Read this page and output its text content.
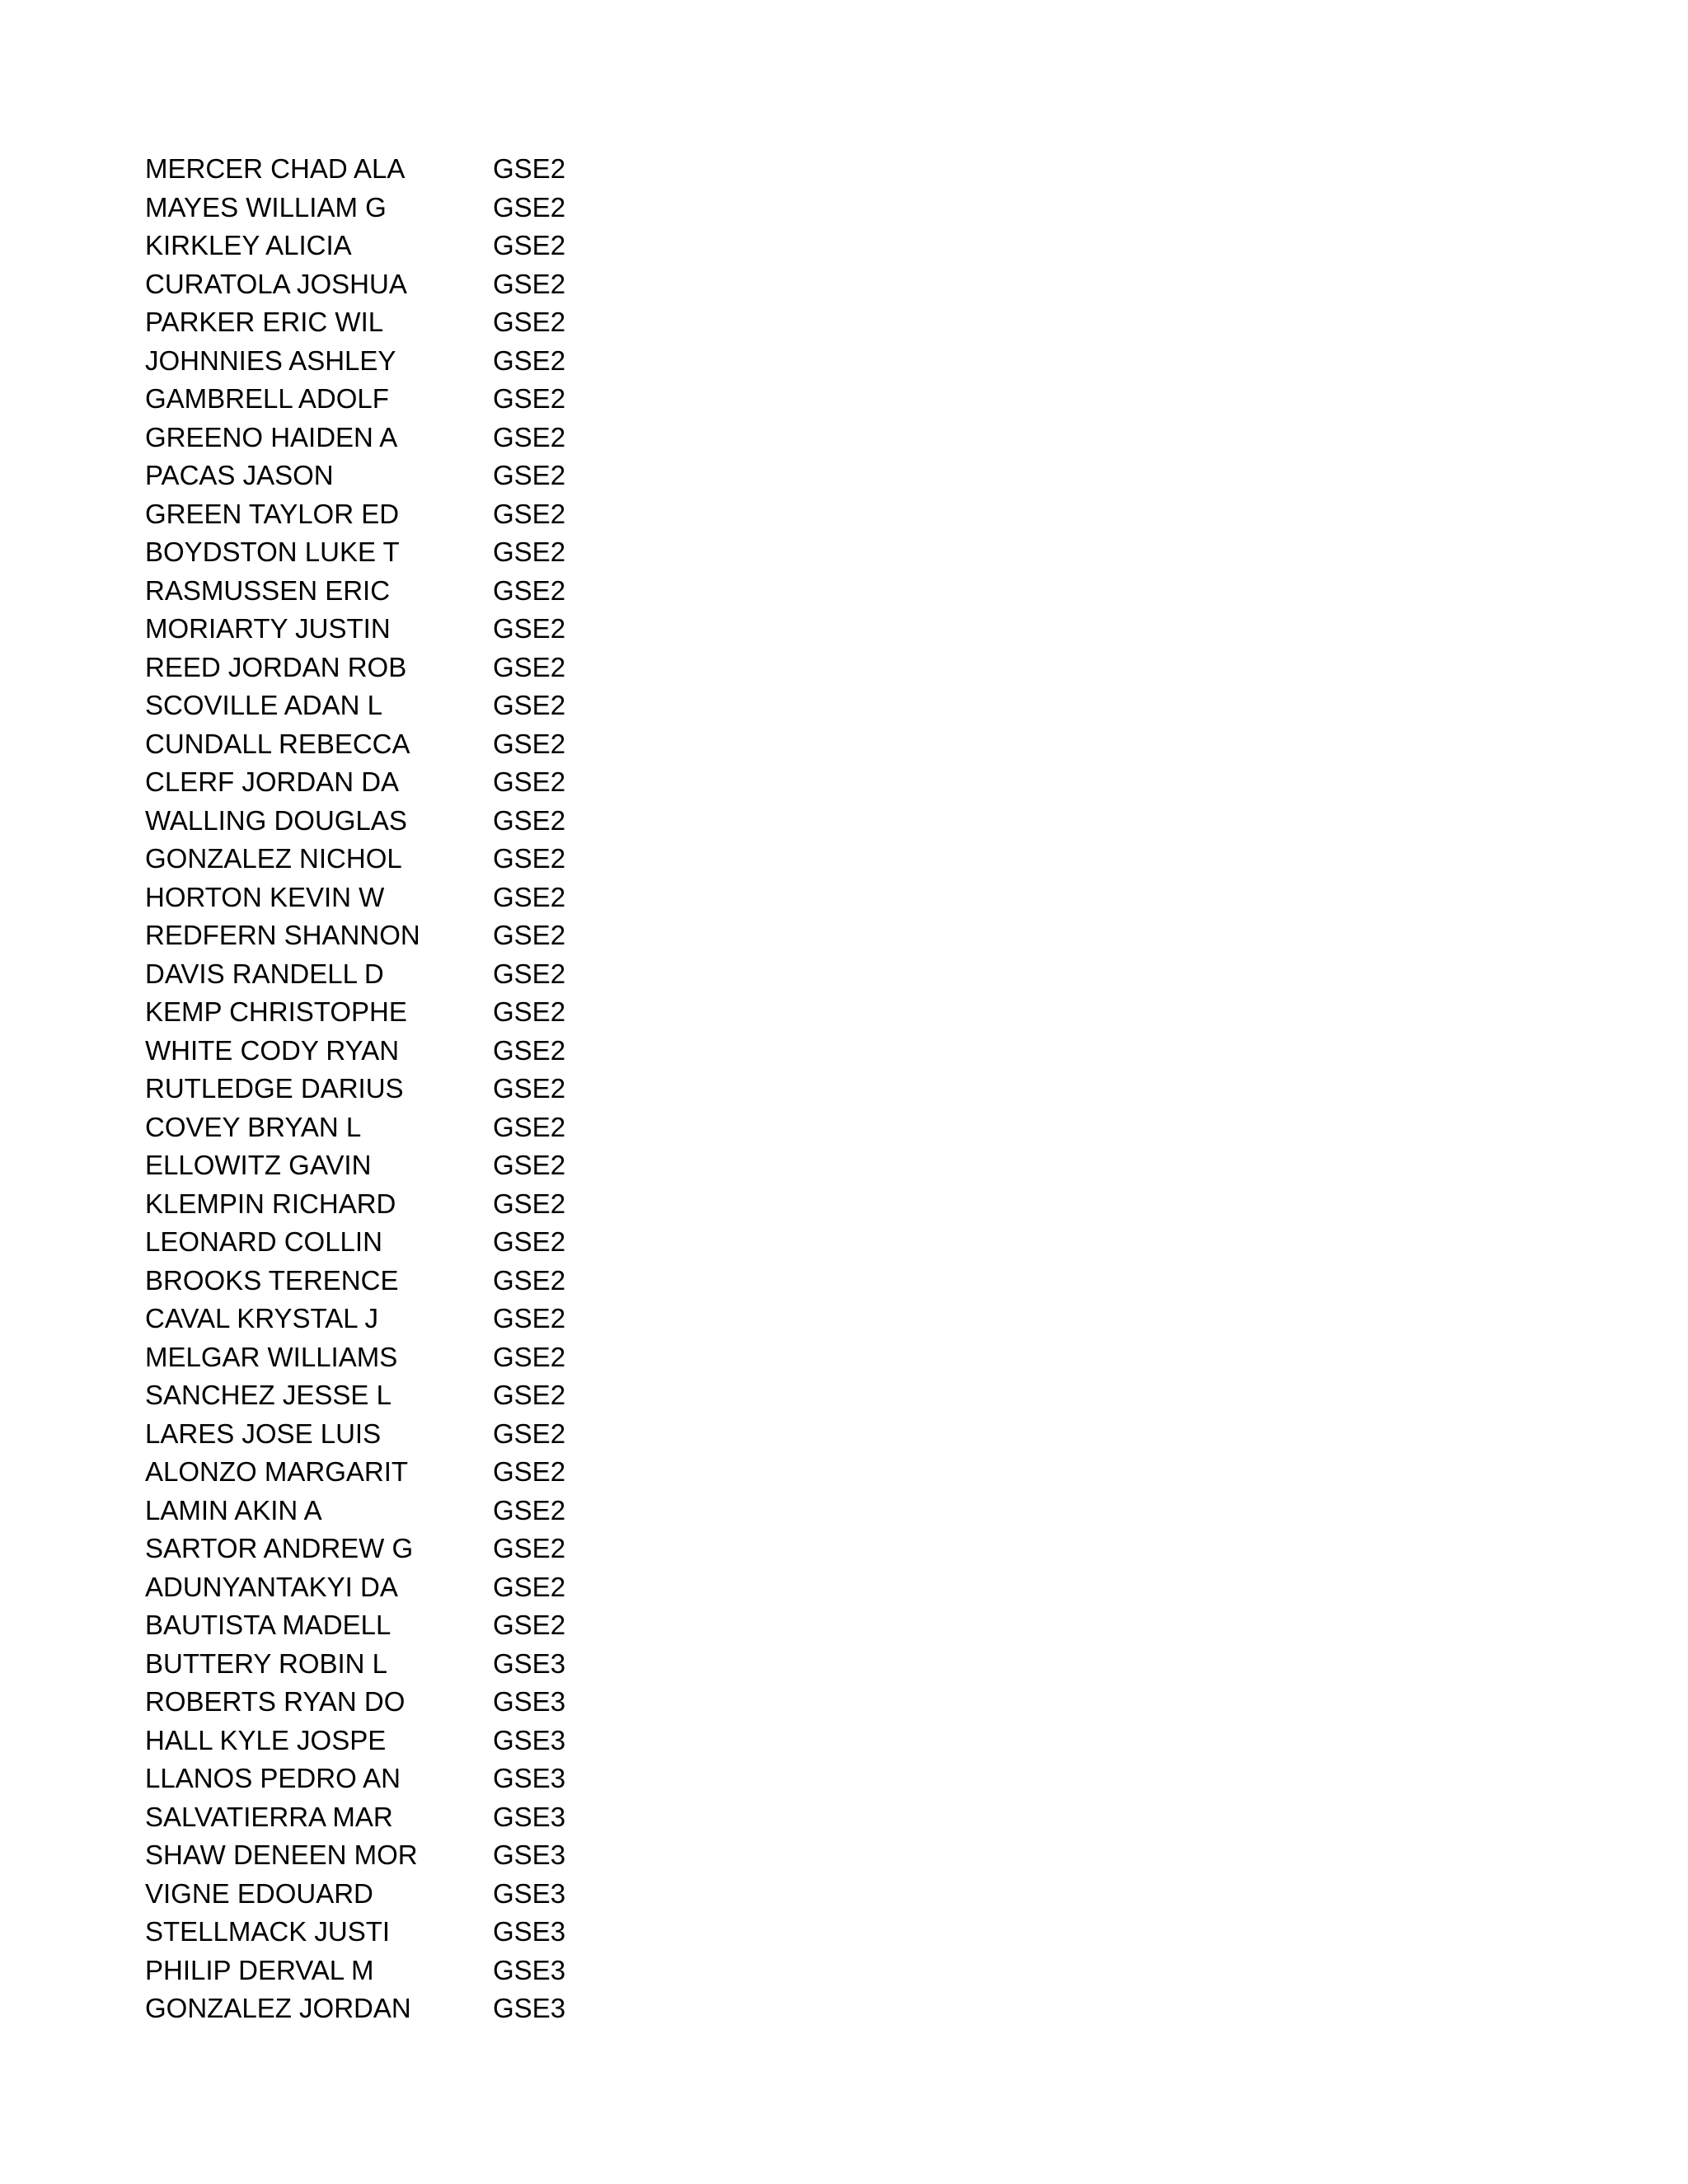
MERCER CHAD ALA	GSE2
MAYES WILLIAM G	GSE2
KIRKLEY ALICIA	GSE2
CURATOLA JOSHUA	GSE2
PARKER ERIC WIL	GSE2
JOHNNIES ASHLEY	GSE2
GAMBRELL ADOLF	GSE2
GREENO HAIDEN A	GSE2
PACAS JASON	GSE2
GREEN TAYLOR ED	GSE2
BOYDSTON LUKE T	GSE2
RASMUSSEN ERIC	GSE2
MORIARTY JUSTIN	GSE2
REED JORDAN ROB	GSE2
SCOVILLE ADAN L	GSE2
CUNDALL REBECCA	GSE2
CLERF JORDAN DA	GSE2
WALLING DOUGLAS	GSE2
GONZALEZ NICHOL	GSE2
HORTON KEVIN W	GSE2
REDFERN SHANNON	GSE2
DAVIS RANDELL D	GSE2
KEMP CHRISTOPHE	GSE2
WHITE CODY RYAN	GSE2
RUTLEDGE DARIUS	GSE2
COVEY BRYAN L	GSE2
ELLOWITZ GAVIN	GSE2
KLEMPIN RICHARD	GSE2
LEONARD COLLIN	GSE2
BROOKS TERENCE	GSE2
CAVAL KRYSTAL J	GSE2
MELGAR WILLIAMS	GSE2
SANCHEZ JESSE L	GSE2
LARES JOSE LUIS	GSE2
ALONZO MARGARIT	GSE2
LAMIN AKIN A	GSE2
SARTOR ANDREW G	GSE2
ADUNYANTAKYI DA	GSE2
BAUTISTA MADELL	GSE2
BUTTERY ROBIN L	GSE3
ROBERTS RYAN DO	GSE3
HALL KYLE JOSPE	GSE3
LLANOS PEDRO AN	GSE3
SALVATIERRA MAR	GSE3
SHAW DENEEN MOR	GSE3
VIGNE EDOUARD	GSE3
STELLMACK JUSTI	GSE3
PHILIP DERVAL M	GSE3
GONZALEZ JORDAN	GSE3
